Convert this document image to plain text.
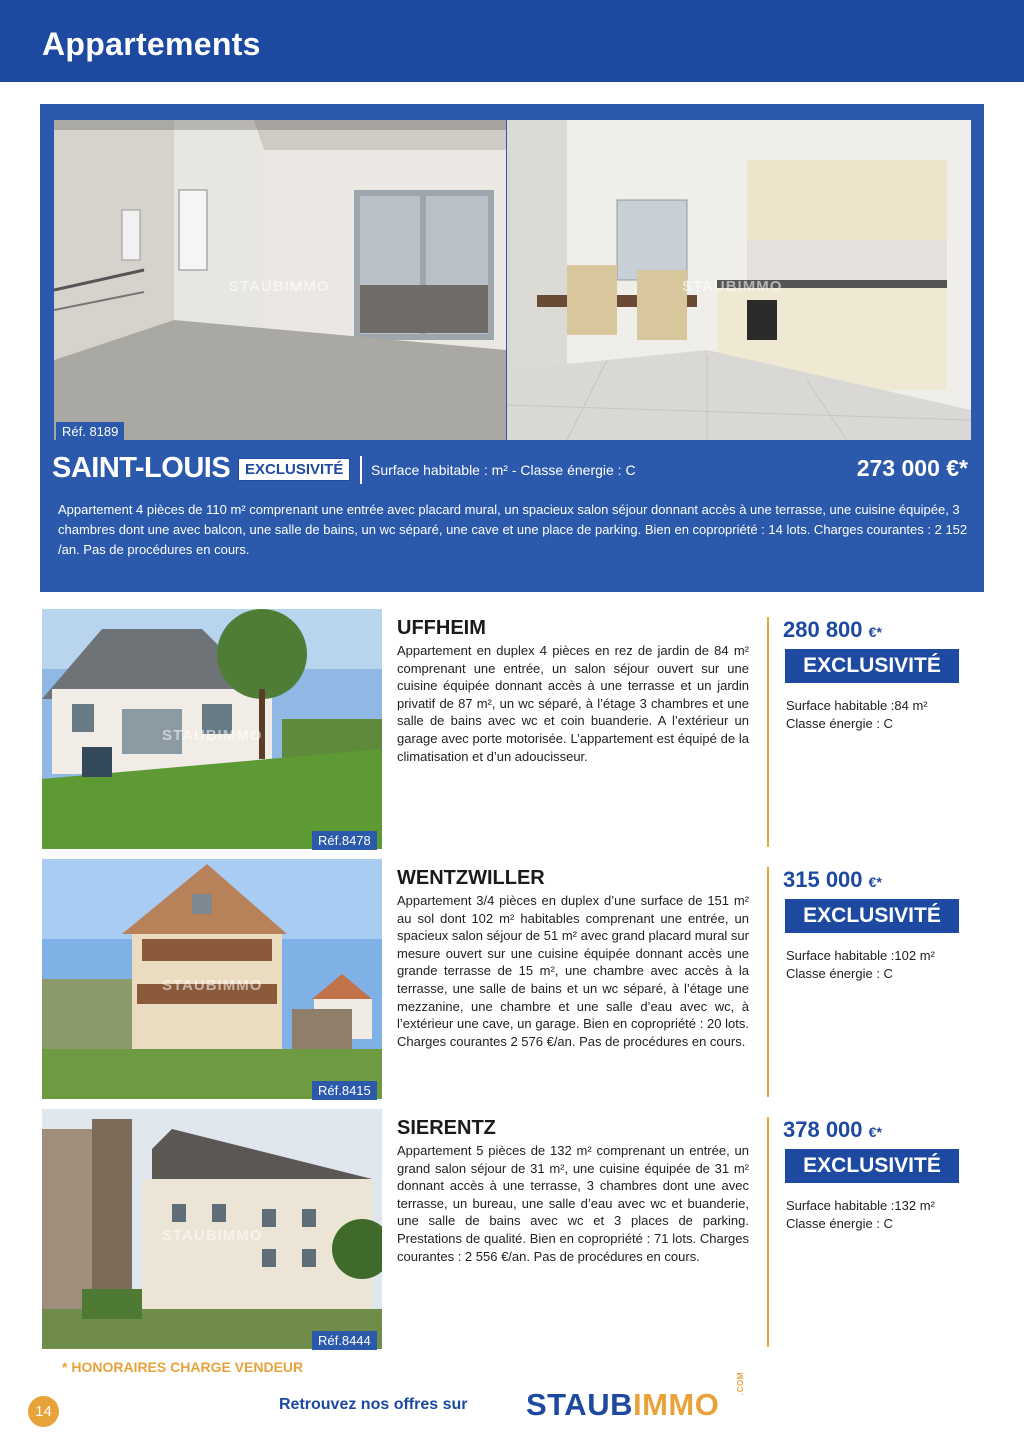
Appartements
STAUBIMMO	STAUBIMMO
Réf. 8189
SAINT-LOUIS EXCLUSIVITÉ	Surface habitable : m² - Classe énergie : C	273 000 €*
Appartement 4 pièces de 110 m² comprenant une entrée avec placard mural, un spacieux salon séjour donnant accès à une terrasse, une cuisine équipée, 3 chambres dont une avec balcon, une salle de bains, un wc séparé, une cave et une place de parking. Bien en copropriété : 14 lots. Charges courantes : 2 152 /an. Pas de procédures en cours.
STAUBIMMO
Réf.8478
UFFHEIM
Appartement en duplex 4 pièces en rez de jardin de 84 m² comprenant une entrée, un salon séjour ouvert sur une cuisine équipée donnant accès à une terrasse et un jardin privatif de 87 m², un wc séparé, à l’étage 3 chambres et une salle de bains avec wc et coin buanderie. A l’extérieur un garage avec porte motorisée. L’appartement est équipé de la climatisation et d’un adoucisseur.
280 800 €*
EXCLUSIVITÉ
Surface habitable :84 m²
Classe énergie : C
STAUBIMMO
Réf.8415
WENTZWILLER
Appartement 3/4 pièces en duplex d’une surface de 151 m² au sol dont 102 m² habitables comprenant une entrée, un spacieux salon séjour de 51 m² avec grand placard mural sur mesure ouvert sur une cuisine équipée donnant accès une grande terrasse de 15 m², une chambre avec accès à la terrasse, une salle de bains et un wc séparé, à l’étage une mezzanine, une chambre et une salle d’eau avec wc, à l’extérieur une cave, un garage. Bien en copropriété : 20 lots. Charges courantes 2 576 €/an. Pas de procédures en cours.
315 000 €*
EXCLUSIVITÉ
Surface habitable :102 m²
Classe énergie : C
STAUBIMMO
Réf.8444
SIERENTZ
Appartement 5 pièces de 132 m² comprenant un entrée, un grand salon séjour de 31 m², une cuisine équipée de 31 m² donnant accès à une terrasse, 3 chambres dont une avec terrasse, un bureau, une salle d’eau avec wc et buanderie, une salle de bains avec wc et 3 places de parking. Prestations de qualité. Bien en copropriété : 71 lots. Charges courantes : 2 556 €/an. Pas de procédures en cours.
378 000 €*
EXCLUSIVITÉ
Surface habitable :132 m²
Classe énergie : C
* HONORAIRES CHARGE VENDEUR
14	Retrouvez nos offres sur STAUBIMMO
.COM
